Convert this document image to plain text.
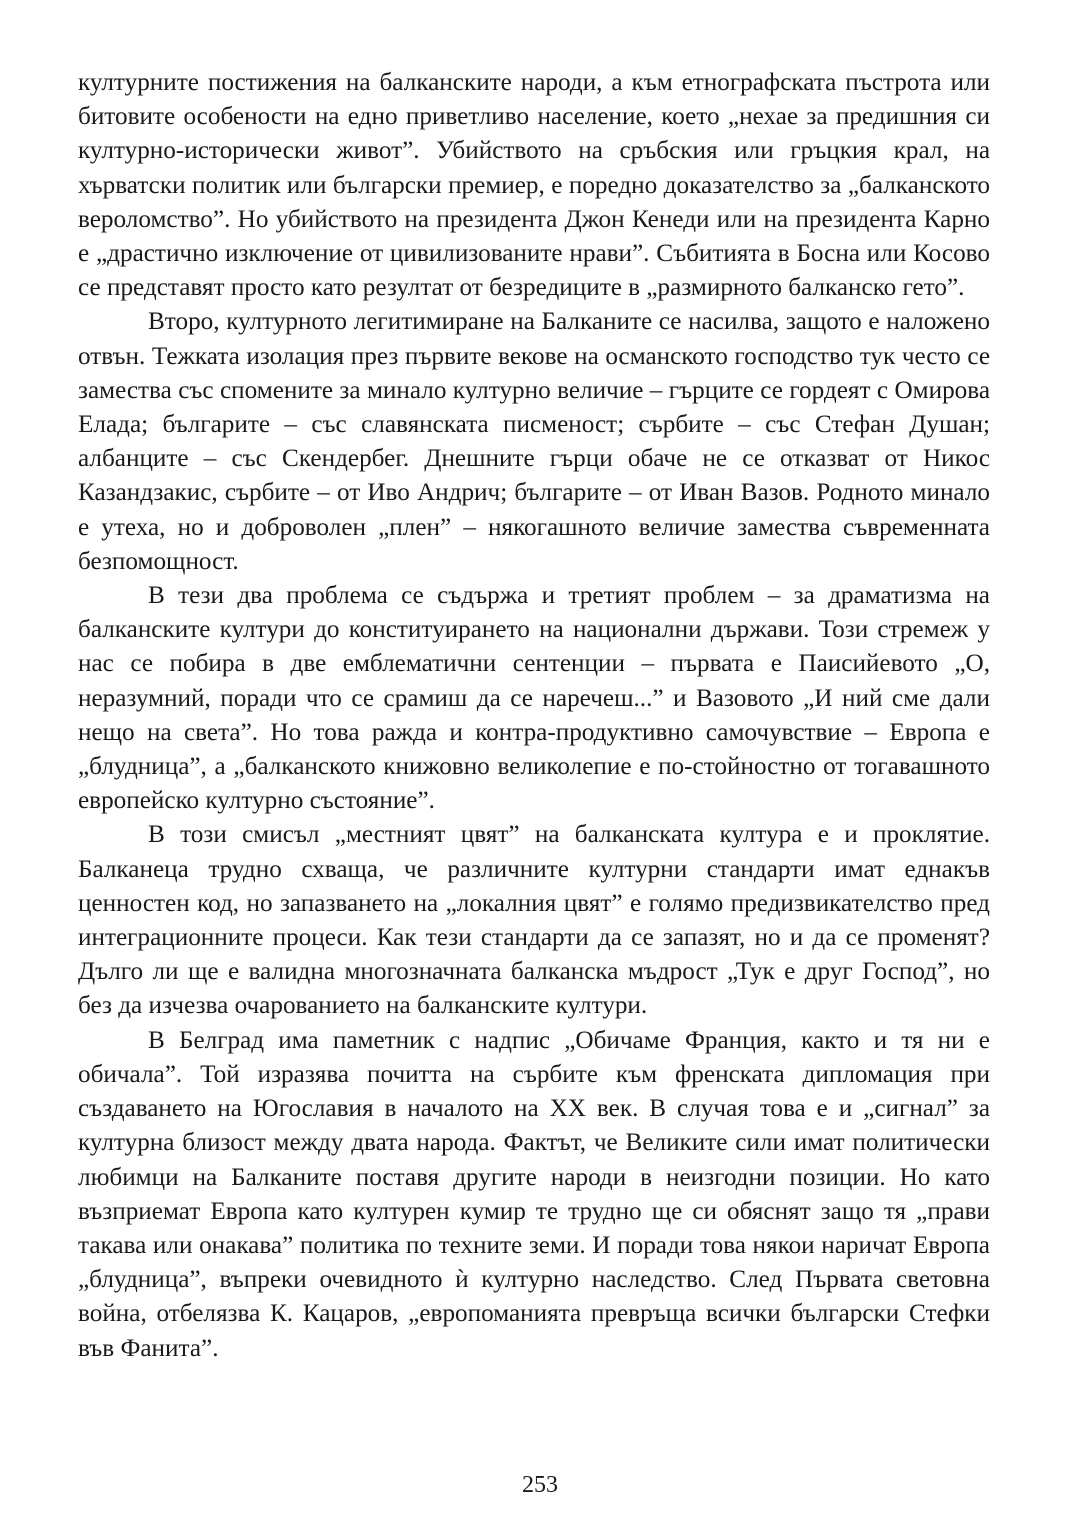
културните постижения на балканските народи, а към етнографската пъстрота или битовите особености на едно приветливо население, което „нехае за предишния си културно-исторически живот”. Убийството на сръбския или гръцкия крал, на хърватски политик или български премиер, е поредно доказателство за „балканското вероломство”. Но убийството на президента Джон Кенеди или на президента Карно е „драстично изключение от цивилизованите нрави”. Събитията в Босна или Косово се представят просто като резултат от безредиците в „размирното балканско гето”.

Второ, културното легитимиране на Балканите се насилва, защото е наложено отвън. Тежката изолация през първите векове на османското господство тук често се замества със спомените за минало културно величие – гърците се гордеят с Омирова Елада; българите – със славянската писменост; сърбите – със Стефан Душан; албанците – със Скендербег. Днешните гърци обаче не се отказват от Никос Казандзакис, сърбите – от Иво Андрич; българите – от Иван Вазов. Родното минало е утеха, но и доброволен „плен” – някогашното величие замества съвременната безпомощност.

В тези два проблема се съдържа и третият проблем – за драматизма на балканските култури до конституирането на национални държави. Този стремеж у нас се побира в две емблематични сентенции – първата е Паисийевото „О, неразумний, поради что се срамиш да се наречеш...” и Вазовото „И ний сме дали нещо на света”. Но това ражда и контра-продуктивно самочувствие – Европа е „блудница”, а „балканското книжовно великолепие е по-стойностно от тогавашното европейско културно състояние”.

В този смисъл „местният цвят” на балканската култура е и проклятие. Балканеца трудно схваща, че различните културни стандарти имат еднакъв ценностен код, но запазването на „локалния цвят” е голямо предизвикателство пред интеграционните процеси. Как тези стандарти да се запазят, но и да се променят? Дълго ли ще е валидна многозначната балканска мъдрост „Тук е друг Господ”, но без да изчезва очарованието на балканските култури.

В Белград има паметник с надпис „Обичаме Франция, както и тя ни е обичала”. Той изразява почитта на сърбите към френската дипломация при създаването на Югославия в началото на XX век. В случая това е и „сигнал” за културна близост между двата народа. Фактът, че Великите сили имат политически любимци на Балканите поставя другите народи в неизгодни позиции. Но като възприемат Европа като културен кумир те трудно ще си обяснят защо тя „прави такава или онакава” политика по техните земи. И поради това някои наричат Европа „блудница”, въпреки очевидното ѝ културно наследство. След Първата световна война, отбелязва К. Кацаров, „европоманията превръща всички български Стефки във Фанита”.

253
